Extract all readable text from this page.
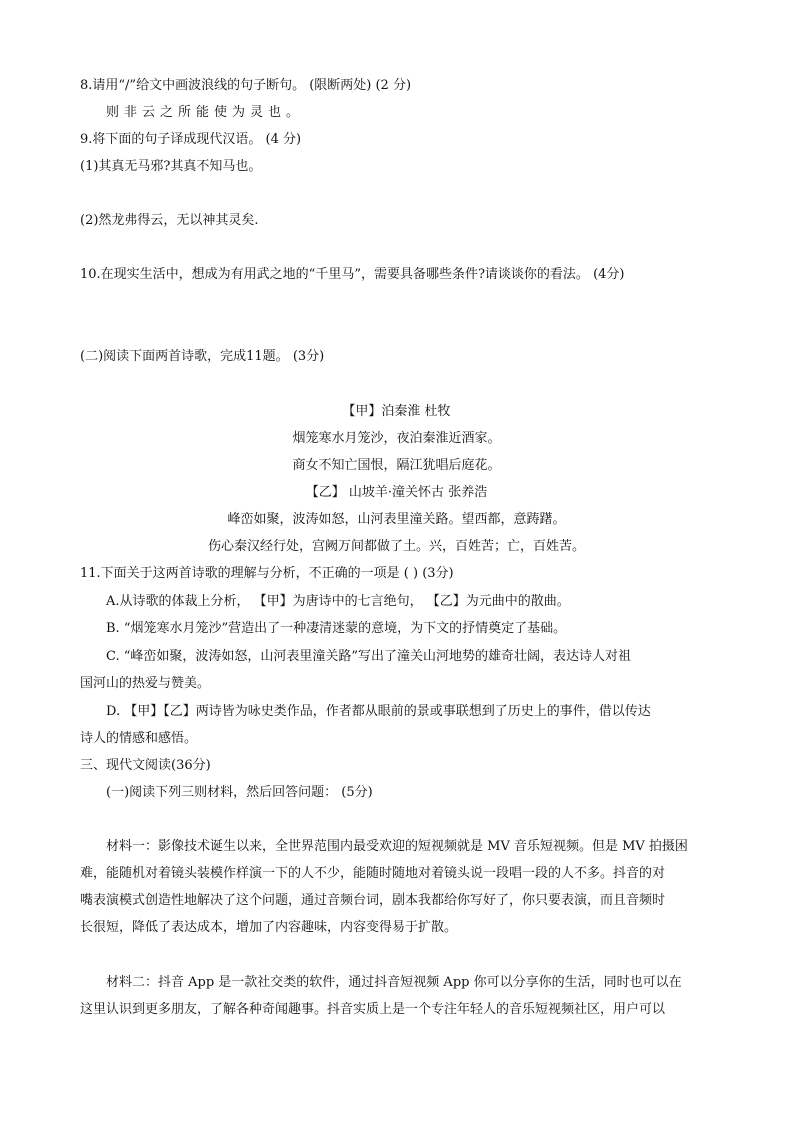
8.请用“/”给文中画波浪线的句子断句。 (限断两处) (2 分)
则非云之所能使为灵也。
9.将下面的句子译成现代汉语。 (4 分)
(1)其真无马邪?其真不知马也。
(2)然龙弗得云，无以神其灵矣.
10.在现实生活中，想成为有用武之地的“千里马”，需要具备哪些条件?请谈谈你的看法。 (4分)
(二)阅读下面两首诗歌，完成11题。 (3分)
【甲】泊秦淮 杜牧
烟笼寒水月笼沙，夜泊秦淮近酒家。
商女不知亡国恨，隔江犹唱后庭花。
【乙】 山坡羊·潼关怀古 张养浩
峰峦如聚，波涛如怒，山河表里潼关路。望西都，意踌躇。
伤心秦汉经行处，宫阙万间都做了土。兴，百姓苦；亡，百姓苦。
11.下面关于这两首诗歌的理解与分析，不正确的一项是 ( ) (3分)
A.从诗歌的体裁上分析， 【甲】为唐诗中的七言绝句， 【乙】为元曲中的散曲。
B. “烟笼寒水月笼沙”营造出了一种凄清迷蒙的意境，为下文的抒情奠定了基础。
C. “峰峦如聚，波涛如怒，山河表里潼关路”写出了潼关山河地势的雄奇壮阔，表达诗人对祖
国河山的热爱与赞美。
D. 【甲】【乙】两诗皆为咏史类作品，作者都从眼前的景或事联想到了历史上的事件，借以传达
诗人的情感和感悟。
三、现代文阅读(36分)
(一)阅读下列三则材料，然后回答问题： (5分)
材料一：影像技术诞生以来，全世界范围内最受欢迎的短视频就是 MV 音乐短视频。但是 MV 拍摄困
难，能随机对着镜头装模作样演一下的人不少，能随时随地对着镜头说一段唱一段的人不多。抖音的对
嘴表演模式创造性地解决了这个问题，通过音频台词，剧本我都给你写好了，你只要表演，而且音频时
长很短，降低了表达成本，增加了内容趣味，内容变得易于扩散。
材料二：抖音 App 是一款社交类的软件，通过抖音短视频 App 你可以分享你的生活，同时也可以在
这里认识到更多朋友，了解各种奇闻趣事。抖音实质上是一个专注年轻人的音乐短视频社区，用户可以
